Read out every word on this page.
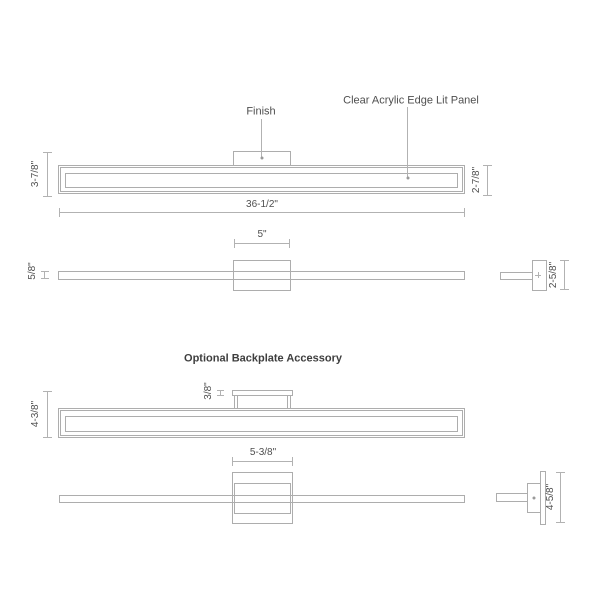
Finish
Clear Acrylic Edge Lit Panel
3-7/8"	2-7/8"
36-1/2"
5"
5/8"	2-5/8"
Optional Backplate Accessory
3/8"
4-3/8"
5-3/8"
4-5/8"
